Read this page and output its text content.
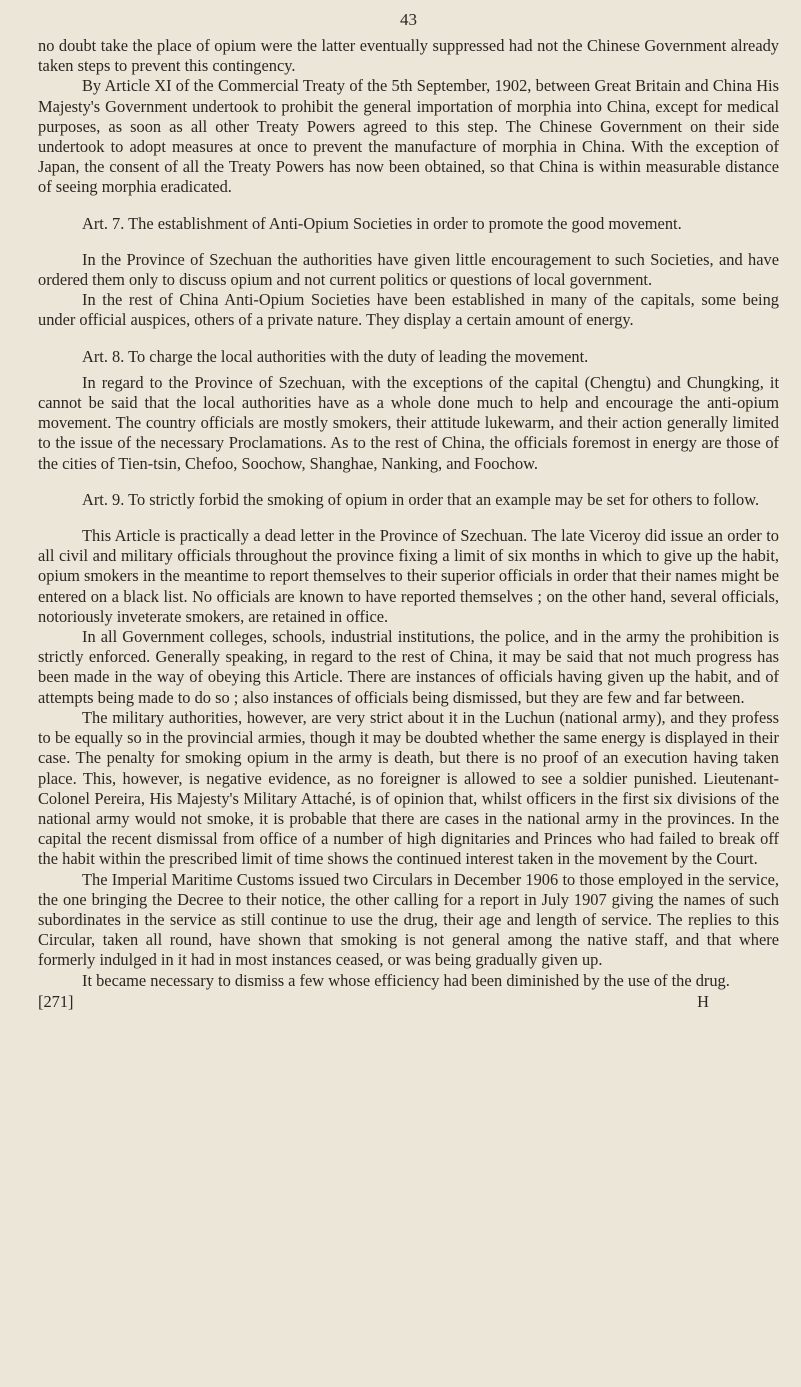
43

no doubt take the place of opium were the latter eventually suppressed had not the Chinese Government already taken steps to prevent this contingency.

By Article XI of the Commercial Treaty of the 5th September, 1902, between Great Britain and China His Majesty's Government undertook to prohibit the general importation of morphia into China, except for medical purposes, as soon as all other Treaty Powers agreed to this step. The Chinese Government on their side undertook to adopt measures at once to prevent the manufacture of morphia in China. With the exception of Japan, the consent of all the Treaty Powers has now been obtained, so that China is within measurable distance of seeing morphia eradicated.

Art. 7. The establishment of Anti-Opium Societies in order to promote the good movement.

In the Province of Szechuan the authorities have given little encouragement to such Societies, and have ordered them only to discuss opium and not current politics or questions of local government.

In the rest of China Anti-Opium Societies have been established in many of the capitals, some being under official auspices, others of a private nature. They display a certain amount of energy.

Art. 8. To charge the local authorities with the duty of leading the movement.

In regard to the Province of Szechuan, with the exceptions of the capital (Chengtu) and Chungking, it cannot be said that the local authorities have as a whole done much to help and encourage the anti-opium movement. The country officials are mostly smokers, their attitude lukewarm, and their action generally limited to the issue of the necessary Proclamations. As to the rest of China, the officials foremost in energy are those of the cities of Tien-tsin, Chefoo, Soochow, Shanghae, Nanking, and Foochow.

Art. 9. To strictly forbid the smoking of opium in order that an example may be set for others to follow.

This Article is practically a dead letter in the Province of Szechuan. The late Viceroy did issue an order to all civil and military officials throughout the province fixing a limit of six months in which to give up the habit, opium smokers in the meantime to report themselves to their superior officials in order that their names might be entered on a black list. No officials are known to have reported themselves ; on the other hand, several officials, notoriously inveterate smokers, are retained in office.

In all Government colleges, schools, industrial institutions, the police, and in the army the prohibition is strictly enforced. Generally speaking, in regard to the rest of China, it may be said that not much progress has been made in the way of obeying this Article. There are instances of officials having given up the habit, and of attempts being made to do so ; also instances of officials being dismissed, but they are few and far between.

The military authorities, however, are very strict about it in the Luchun (national army), and they profess to be equally so in the provincial armies, though it may be doubted whether the same energy is displayed in their case. The penalty for smoking opium in the army is death, but there is no proof of an execution having taken place. This, however, is negative evidence, as no foreigner is allowed to see a soldier punished. Lieutenant-Colonel Pereira, His Majesty's Military Attaché, is of opinion that, whilst officers in the first six divisions of the national army would not smoke, it is probable that there are cases in the national army in the provinces. In the capital the recent dismissal from office of a number of high dignitaries and Princes who had failed to break off the habit within the prescribed limit of time shows the continued interest taken in the movement by the Court.

The Imperial Maritime Customs issued two Circulars in December 1906 to those employed in the service, the one bringing the Decree to their notice, the other calling for a report in July 1907 giving the names of such subordinates in the service as still continue to use the drug, their age and length of service. The replies to this Circular, taken all round, have shown that smoking is not general among the native staff, and that where formerly indulged in it had in most instances ceased, or was being gradually given up.

It became necessary to dismiss a few whose efficiency had been diminished by the use of the drug.

[271]	H
